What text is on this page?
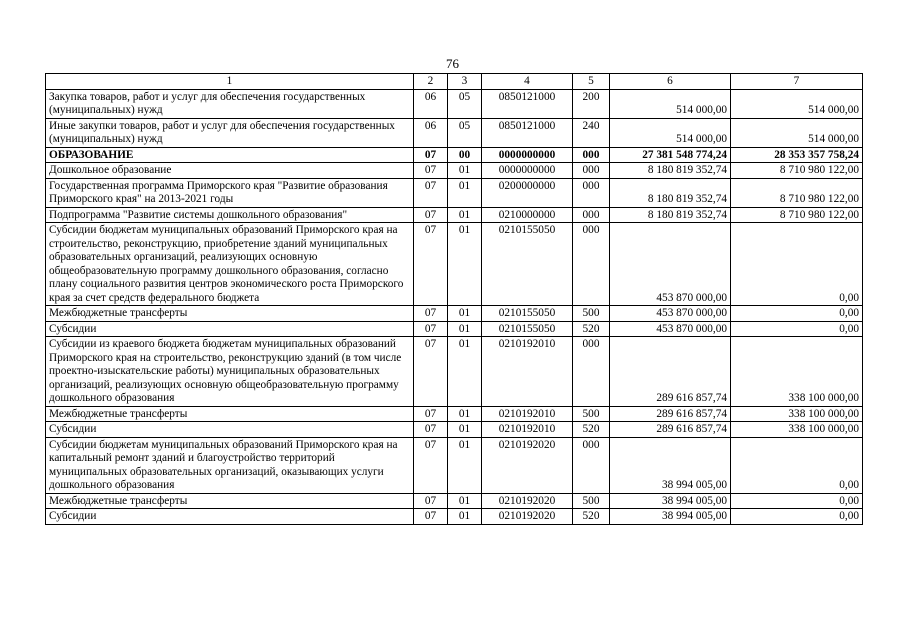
76
1	2	3	4	5	6	7
Закупка товаров, работ и услуг для обеспечения государственных (муниципальных) нужд	06	05	0850121000	200	514 000,00	514 000,00
Иные закупки товаров, работ и услуг для обеспечения государственных (муниципальных) нужд	06	05	0850121000	240	514 000,00	514 000,00
ОБРАЗОВАНИЕ	07	00	0000000000	000	27 381 548 774,24	28 353 357 758,24
Дошкольное образование	07	01	0000000000	000	8 180 819 352,74	8 710 980 122,00
Государственная программа Приморского края "Развитие образования Приморского края" на 2013-2021 годы	07	01	0200000000	000	8 180 819 352,74	8 710 980 122,00
Подпрограмма "Развитие системы дошкольного образования"	07	01	0210000000	000	8 180 819 352,74	8 710 980 122,00
Субсидии бюджетам муниципальных образований Приморского края на строительство, реконструкцию, приобретение зданий муниципальных образовательных организаций, реализующих основную общеобразовательную программу дошкольного образования, согласно плану социального развития центров экономического роста Приморского края за счет средств федерального бюджета	07	01	0210155050	000	453 870 000,00	0,00
Межбюджетные трансферты	07	01	0210155050	500	453 870 000,00	0,00
Субсидии	07	01	0210155050	520	453 870 000,00	0,00
Субсидии из краевого бюджета бюджетам муниципальных образований Приморского края на строительство, реконструкцию зданий (в том числе проектно-изыскательские работы) муниципальных образовательных организаций, реализующих основную общеобразовательную программу дошкольного образования	07	01	0210192010	000	289 616 857,74	338 100 000,00
Межбюджетные трансферты	07	01	0210192010	500	289 616 857,74	338 100 000,00
Субсидии	07	01	0210192010	520	289 616 857,74	338 100 000,00
Субсидии бюджетам муниципальных образований Приморского края на капитальный ремонт зданий и благоустройство территорий муниципальных образовательных организаций, оказывающих услуги дошкольного образования	07	01	0210192020	000	38 994 005,00	0,00
Межбюджетные трансферты	07	01	0210192020	500	38 994 005,00	0,00
Субсидии	07	01	0210192020	520	38 994 005,00	0,00
